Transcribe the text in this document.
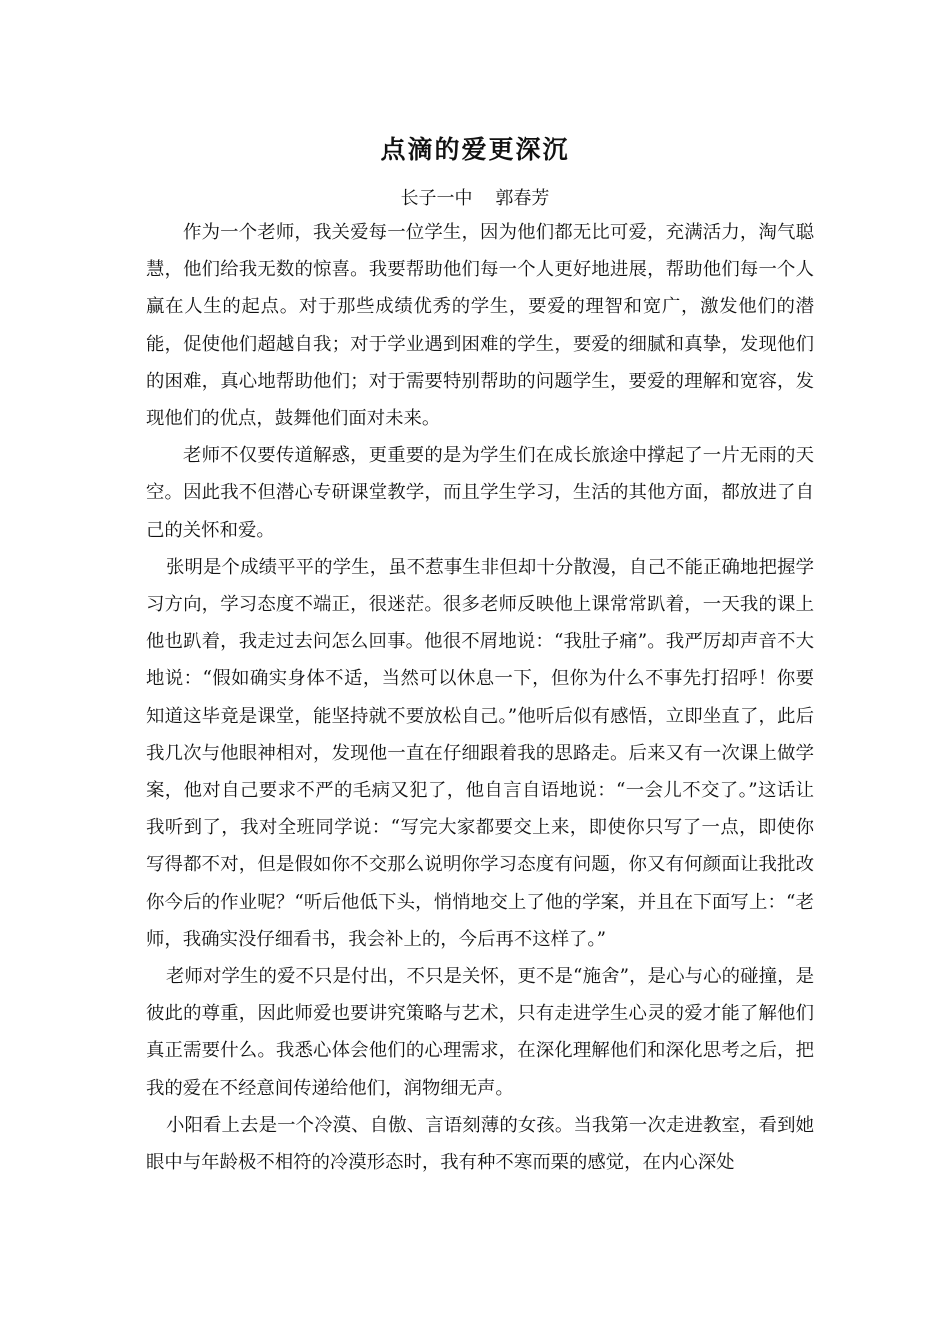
点滴的爱更深沉
长子一中    郭春芳

作为一个老师，我关爱每一位学生，因为他们都无比可爱，充满活力，淘气聪慧，他们给我无数的惊喜。我要帮助他们每一个人更好地进展，帮助他们每一个人赢在人生的起点。对于那些成绩优秀的学生，要爱的理智和宽广，激发他们的潜能，促使他们超越自我；对于学业遇到困难的学生，要爱的细腻和真挚，发现他们的困难，真心地帮助他们；对于需要特别帮助的问题学生，要爱的理解和宽容，发现他们的优点，鼓舞他们面对未来。

老师不仅要传道解惑，更重要的是为学生们在成长旅途中撑起了一片无雨的天空。因此我不但潜心专研课堂教学，而且学生学习，生活的其他方面，都放进了自己的关怀和爱。

张明是个成绩平平的学生，虽不惹事生非但却十分散漫，自己不能正确地把握学习方向，学习态度不端正，很迷茫。很多老师反映他上课常常趴着，一天我的课上他也趴着，我走过去问怎么回事。他很不屑地说：“我肚子痛”。我严厉却声音不大地说：“假如确实身体不适，当然可以休息一下，但你为什么不事先打招呼！你要知道这毕竟是课堂，能坚持就不要放松自己。”他听后似有感悟，立即坐直了，此后我几次与他眼神相对，发现他一直在仔细跟着我的思路走。后来又有一次课上做学案，他对自己要求不严的毛病又犯了，他自言自语地说：“一会儿不交了。”这话让我听到了，我对全班同学说：“写完大家都要交上来，即使你只写了一点，即使你写得都不对，但是假如你不交那么说明你学习态度有问题，你又有何颜面让我批改你今后的作业呢？“听后他低下头，悄悄地交上了他的学案，并且在下面写上：“老师，我确实没仔细看书，我会补上的，今后再不这样了。”

老师对学生的爱不只是付出，不只是关怀，更不是“施舍”，是心与心的碰撞，是彼此的尊重，因此师爱也要讲究策略与艺术，只有走进学生心灵的爱才能了解他们真正需要什么。我悉心体会他们的心理需求，在深化理解他们和深化思考之后，把我的爱在不经意间传递给他们，润物细无声。

小阳看上去是一个冷漠、自傲、言语刻薄的女孩。当我第一次走进教室，看到她眼中与年龄极不相符的冷漠形态时，我有种不寒而栗的感觉，在内心深处
